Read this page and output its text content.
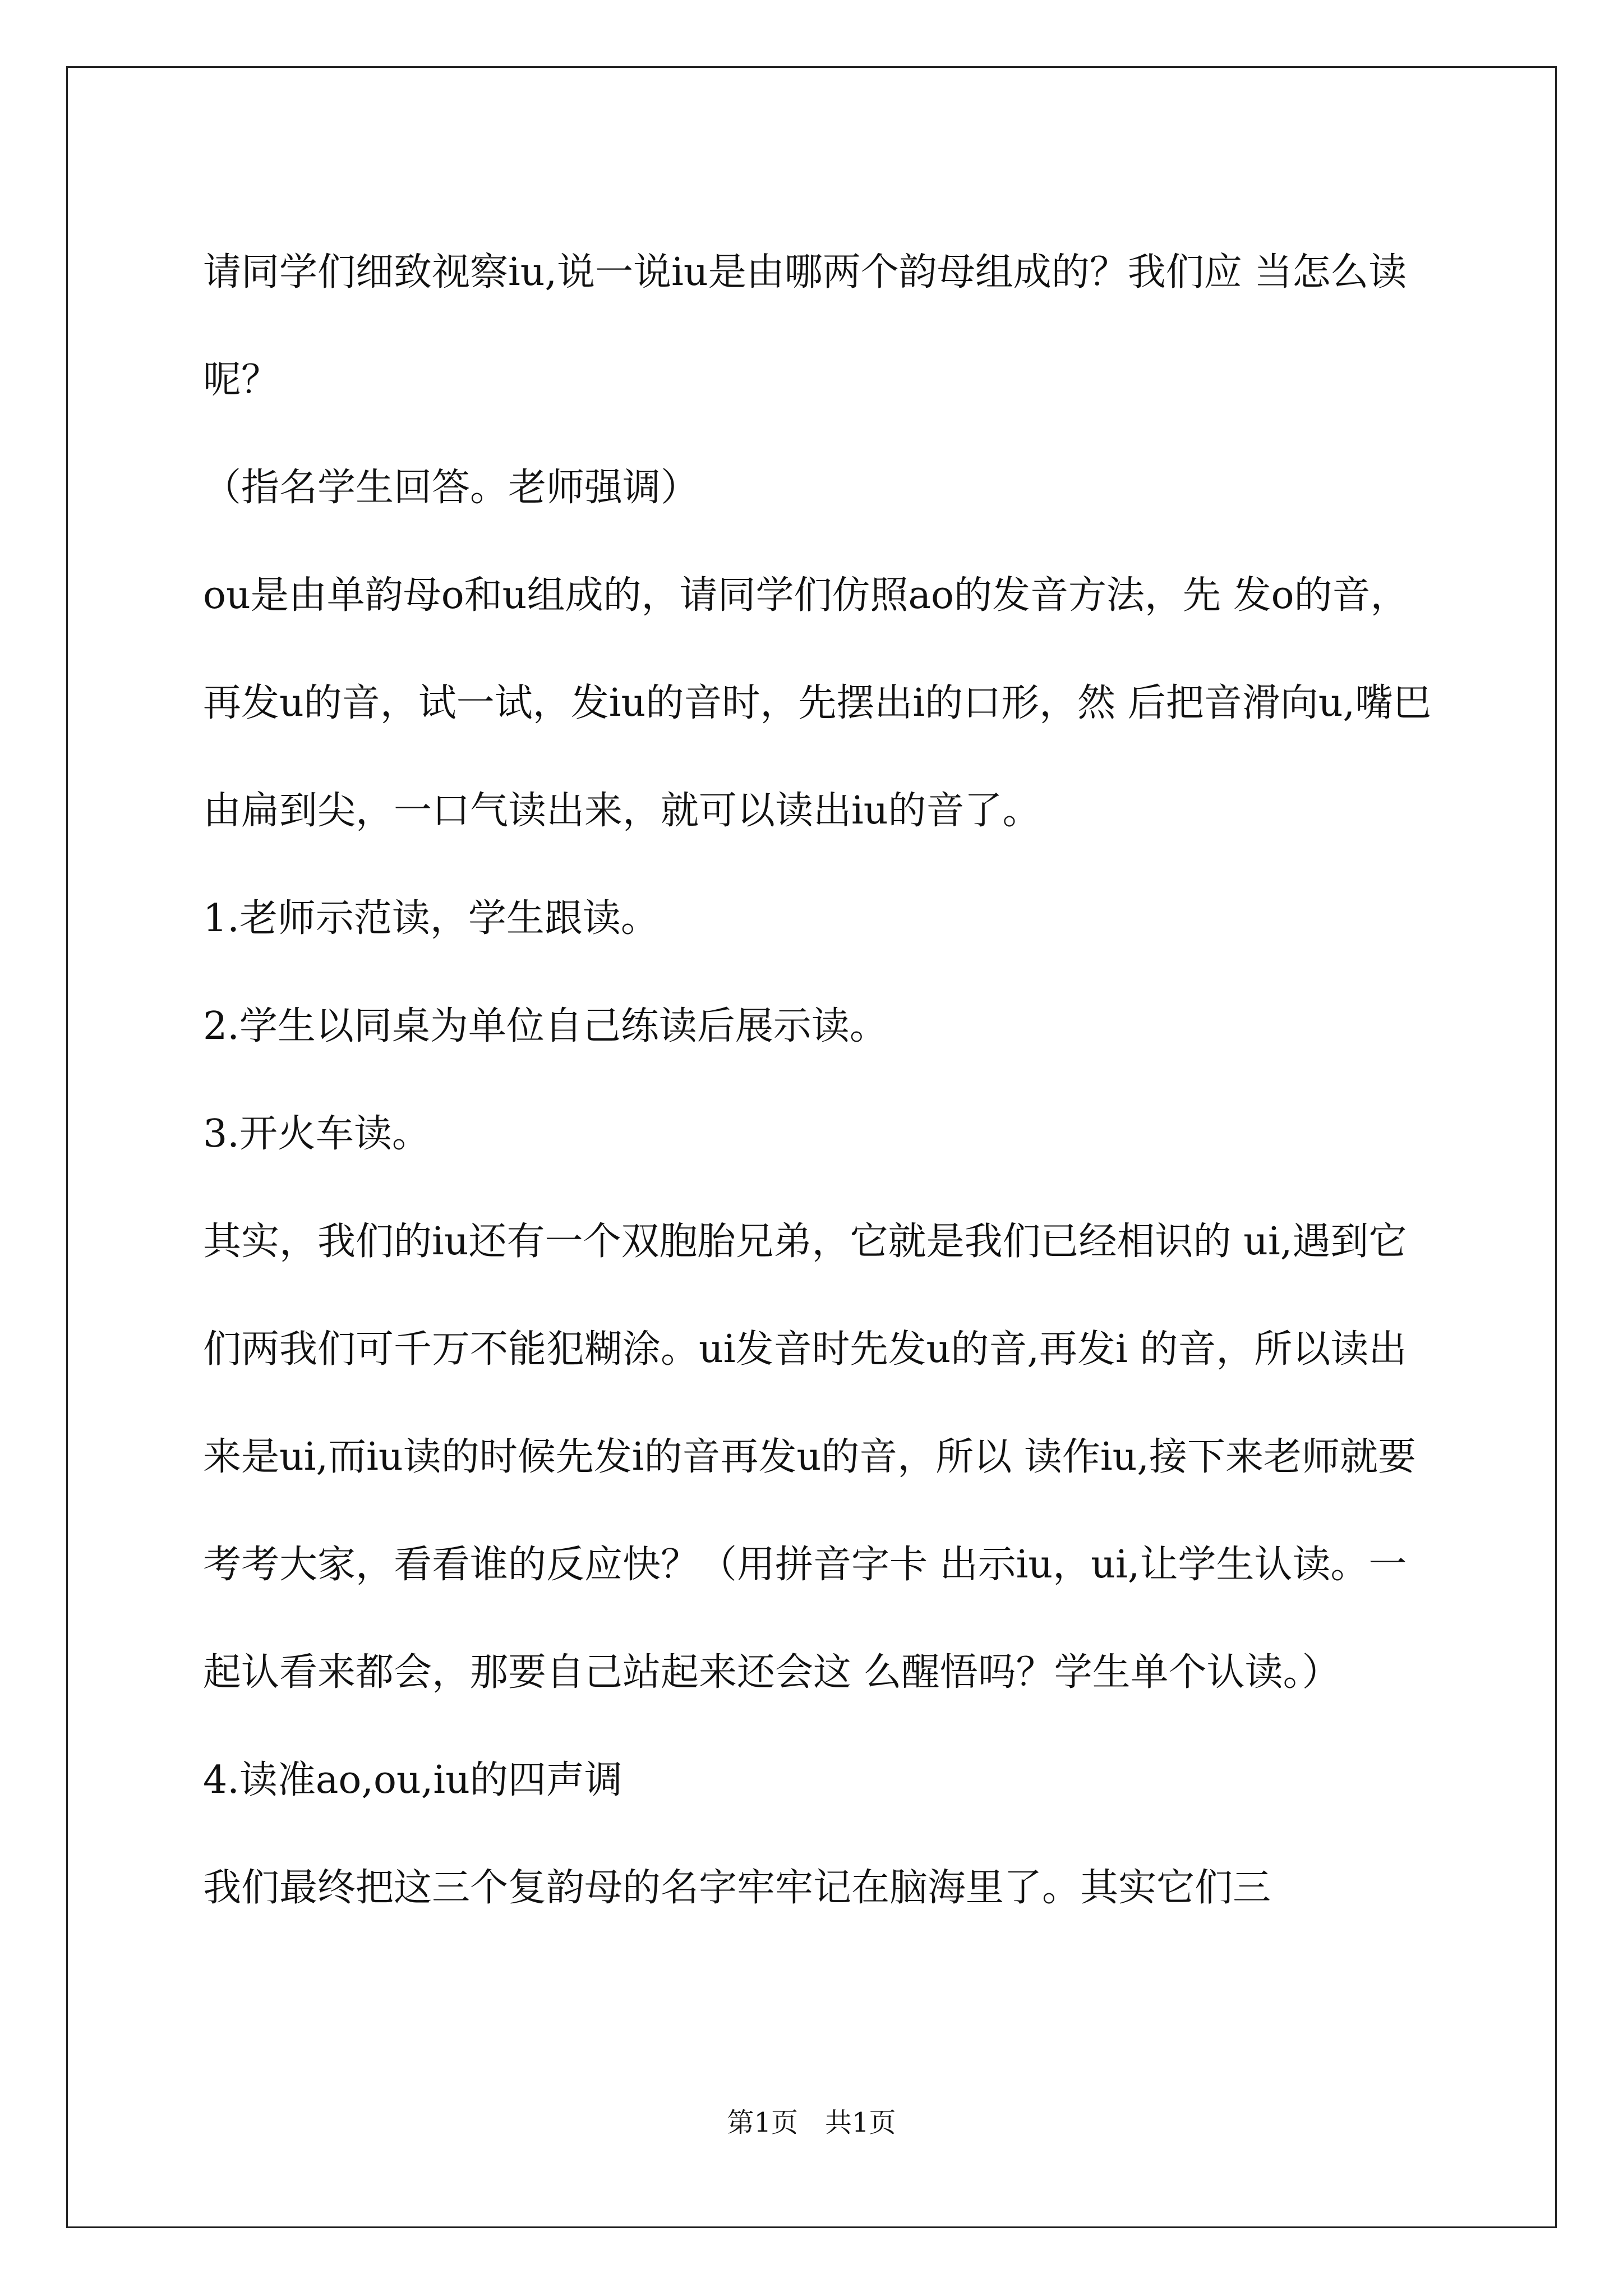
请同学们细致视察iu,说一说iu是由哪两个韵母组成的？我们应 当怎么读呢？
（指名学生回答。老师强调）
ou是由单韵母o和u组成的，请同学们仿照ao的发音方法，先 发o的音，再发u的音，试一试，发iu的音时，先摆出i的口形，然 后把音滑向u,嘴巴由扁到尖，一口气读出来，就可以读出iu的音了。
1.老师示范读，学生跟读。
2.学生以同桌为单位自己练读后展示读。
3.开火车读。
其实，我们的iu还有一个双胞胎兄弟，它就是我们已经相识的 ui,遇到它们两我们可千万不能犯糊涂。ui发音时先发u的音,再发i 的音，所以读出来是ui,而iu读的时候先发i的音再发u的音，所以 读作iu,接下来老师就要考考大家，看看谁的反应快？（用拼音字卡 出示iu，ui,让学生认读。一起认看来都会，那要自己站起来还会这 么醒悟吗？学生单个认读。）
4.读准ao,ou,iu的四声调
我们最终把这三个复韵母的名字牢牢记在脑海里了。其实它们三
第1页　共1页
